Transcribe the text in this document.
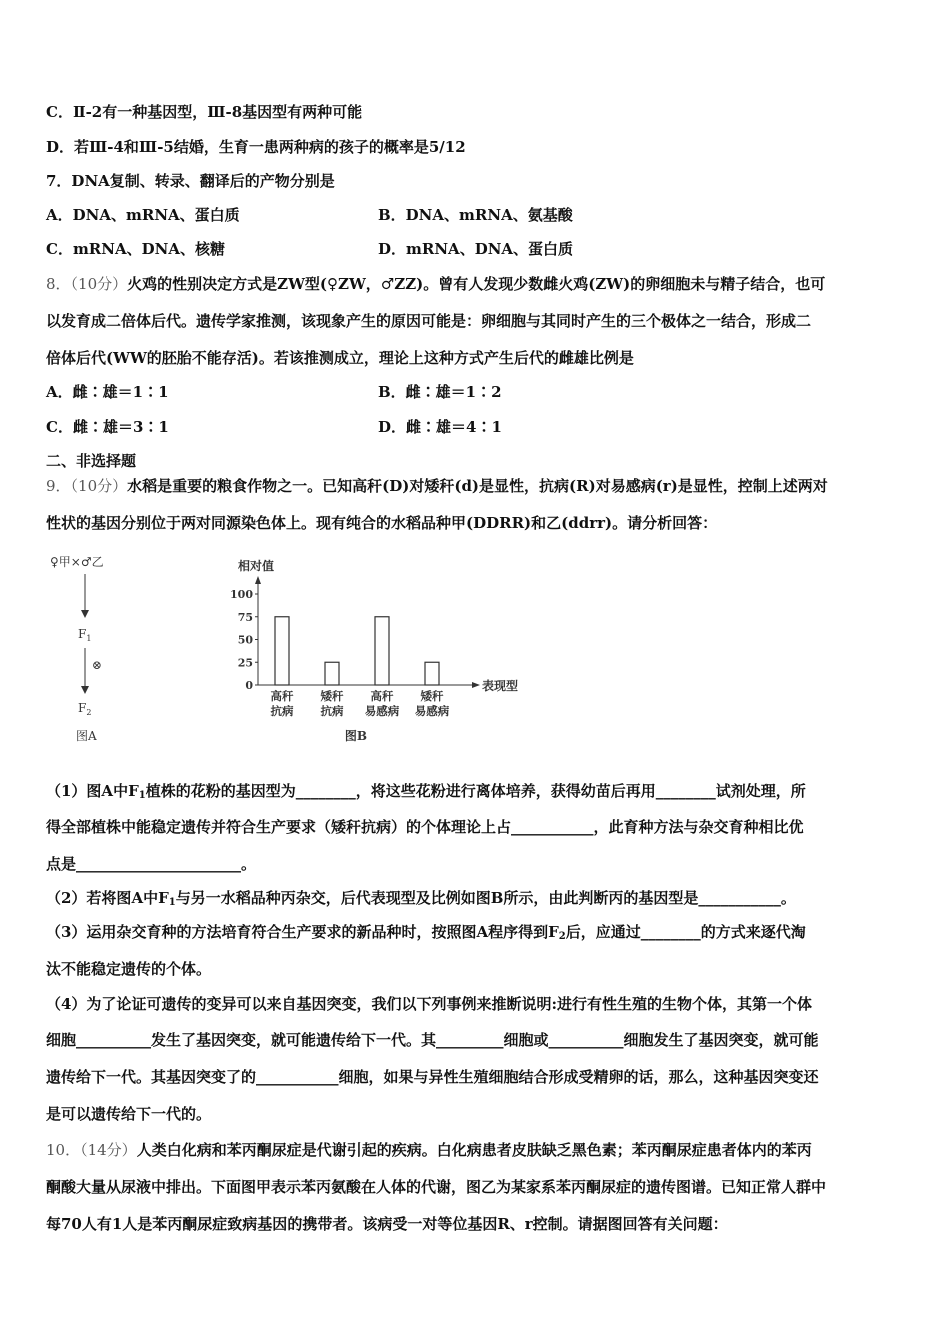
C．Ⅱ-2有一种基因型，Ⅲ-8基因型有两种可能
D．若Ⅲ-4和Ⅲ-5结婚，生育一患两种病的孩子的概率是5/12
7．DNA复制、转录、翻译后的产物分别是
A．DNA、mRNA、蛋白质	B．DNA、mRNA、氨基酸
C．mRNA、DNA、核糖	D．mRNA、DNA、蛋白质
8．（10分）火鸡的性别决定方式是ZW型(♀ZW，♂ZZ)。曾有人发现少数雌火鸡(ZW)的卵细胞未与精子结合，也可
以发育成二倍体后代。遗传学家推测，该现象产生的原因可能是：卵细胞与其同时产生的三个极体之一结合，形成二
倍体后代(WW的胚胎不能存活)。若该推测成立，理论上这种方式产生后代的雌雄比例是
A．雌∶雄＝1∶1	B．雌∶雄＝1∶2
C．雌∶雄＝3∶1	D．雌∶雄＝4∶1
二、非选择题
9．（10分）水稻是重要的粮食作物之一。已知高秆(D)对矮秆(d)是显性，抗病(R)对易感病(r)是显性，控制上述两对
性状的基因分别位于两对同源染色体上。现有纯合的水稻品种甲(DDRR)和乙(ddrr)。请分析回答：
♀甲×♂乙
$F_1$
⊗
$F_2$
图A
相对值
表现型
0
25
50
75
100
高秆
抗病
矮秆
抗病
高秆
易感病
矮秆
易感病
图B
（1）图A中$F_1$植株的花粉的基因型为________，将这些花粉进行离体培养，获得幼苗后再用________试剂处理，所
得全部植株中能稳定遗传并符合生产要求（矮秆抗病）的个体理论上占___________，此育种方法与杂交育种相比优
点是______________________。
（2）若将图A中$F_1$与另一水稻品种丙杂交，后代表现型及比例如图B所示，由此判断丙的基因型是___________。
（3）运用杂交育种的方法培育符合生产要求的新品种时，按照图A程序得到$F_2$后，应通过________的方式来逐代淘
汰不能稳定遗传的个体。
（4）为了论证可遗传的变异可以来自基因突变，我们以下列事例来推断说明:进行有性生殖的生物个体，其第一个体
细胞__________发生了基因突变，就可能遗传给下一代。其_________细胞或__________细胞发生了基因突变，就可能
遗传给下一代。其基因突变了的___________细胞，如果与异性生殖细胞结合形成受精卵的话，那么，这种基因突变还
是可以遗传给下一代的。
10．（14分）人类白化病和苯丙酮尿症是代谢引起的疾病。白化病患者皮肤缺乏黑色素；苯丙酮尿症患者体内的苯丙
酮酸大量从尿液中排出。下面图甲表示苯丙氨酸在人体的代谢，图乙为某家系苯丙酮尿症的遗传图谱。已知正常人群中
每70人有1人是苯丙酮尿症致病基因的携带者。该病受一对等位基因R、r控制。请据图回答有关问题：
